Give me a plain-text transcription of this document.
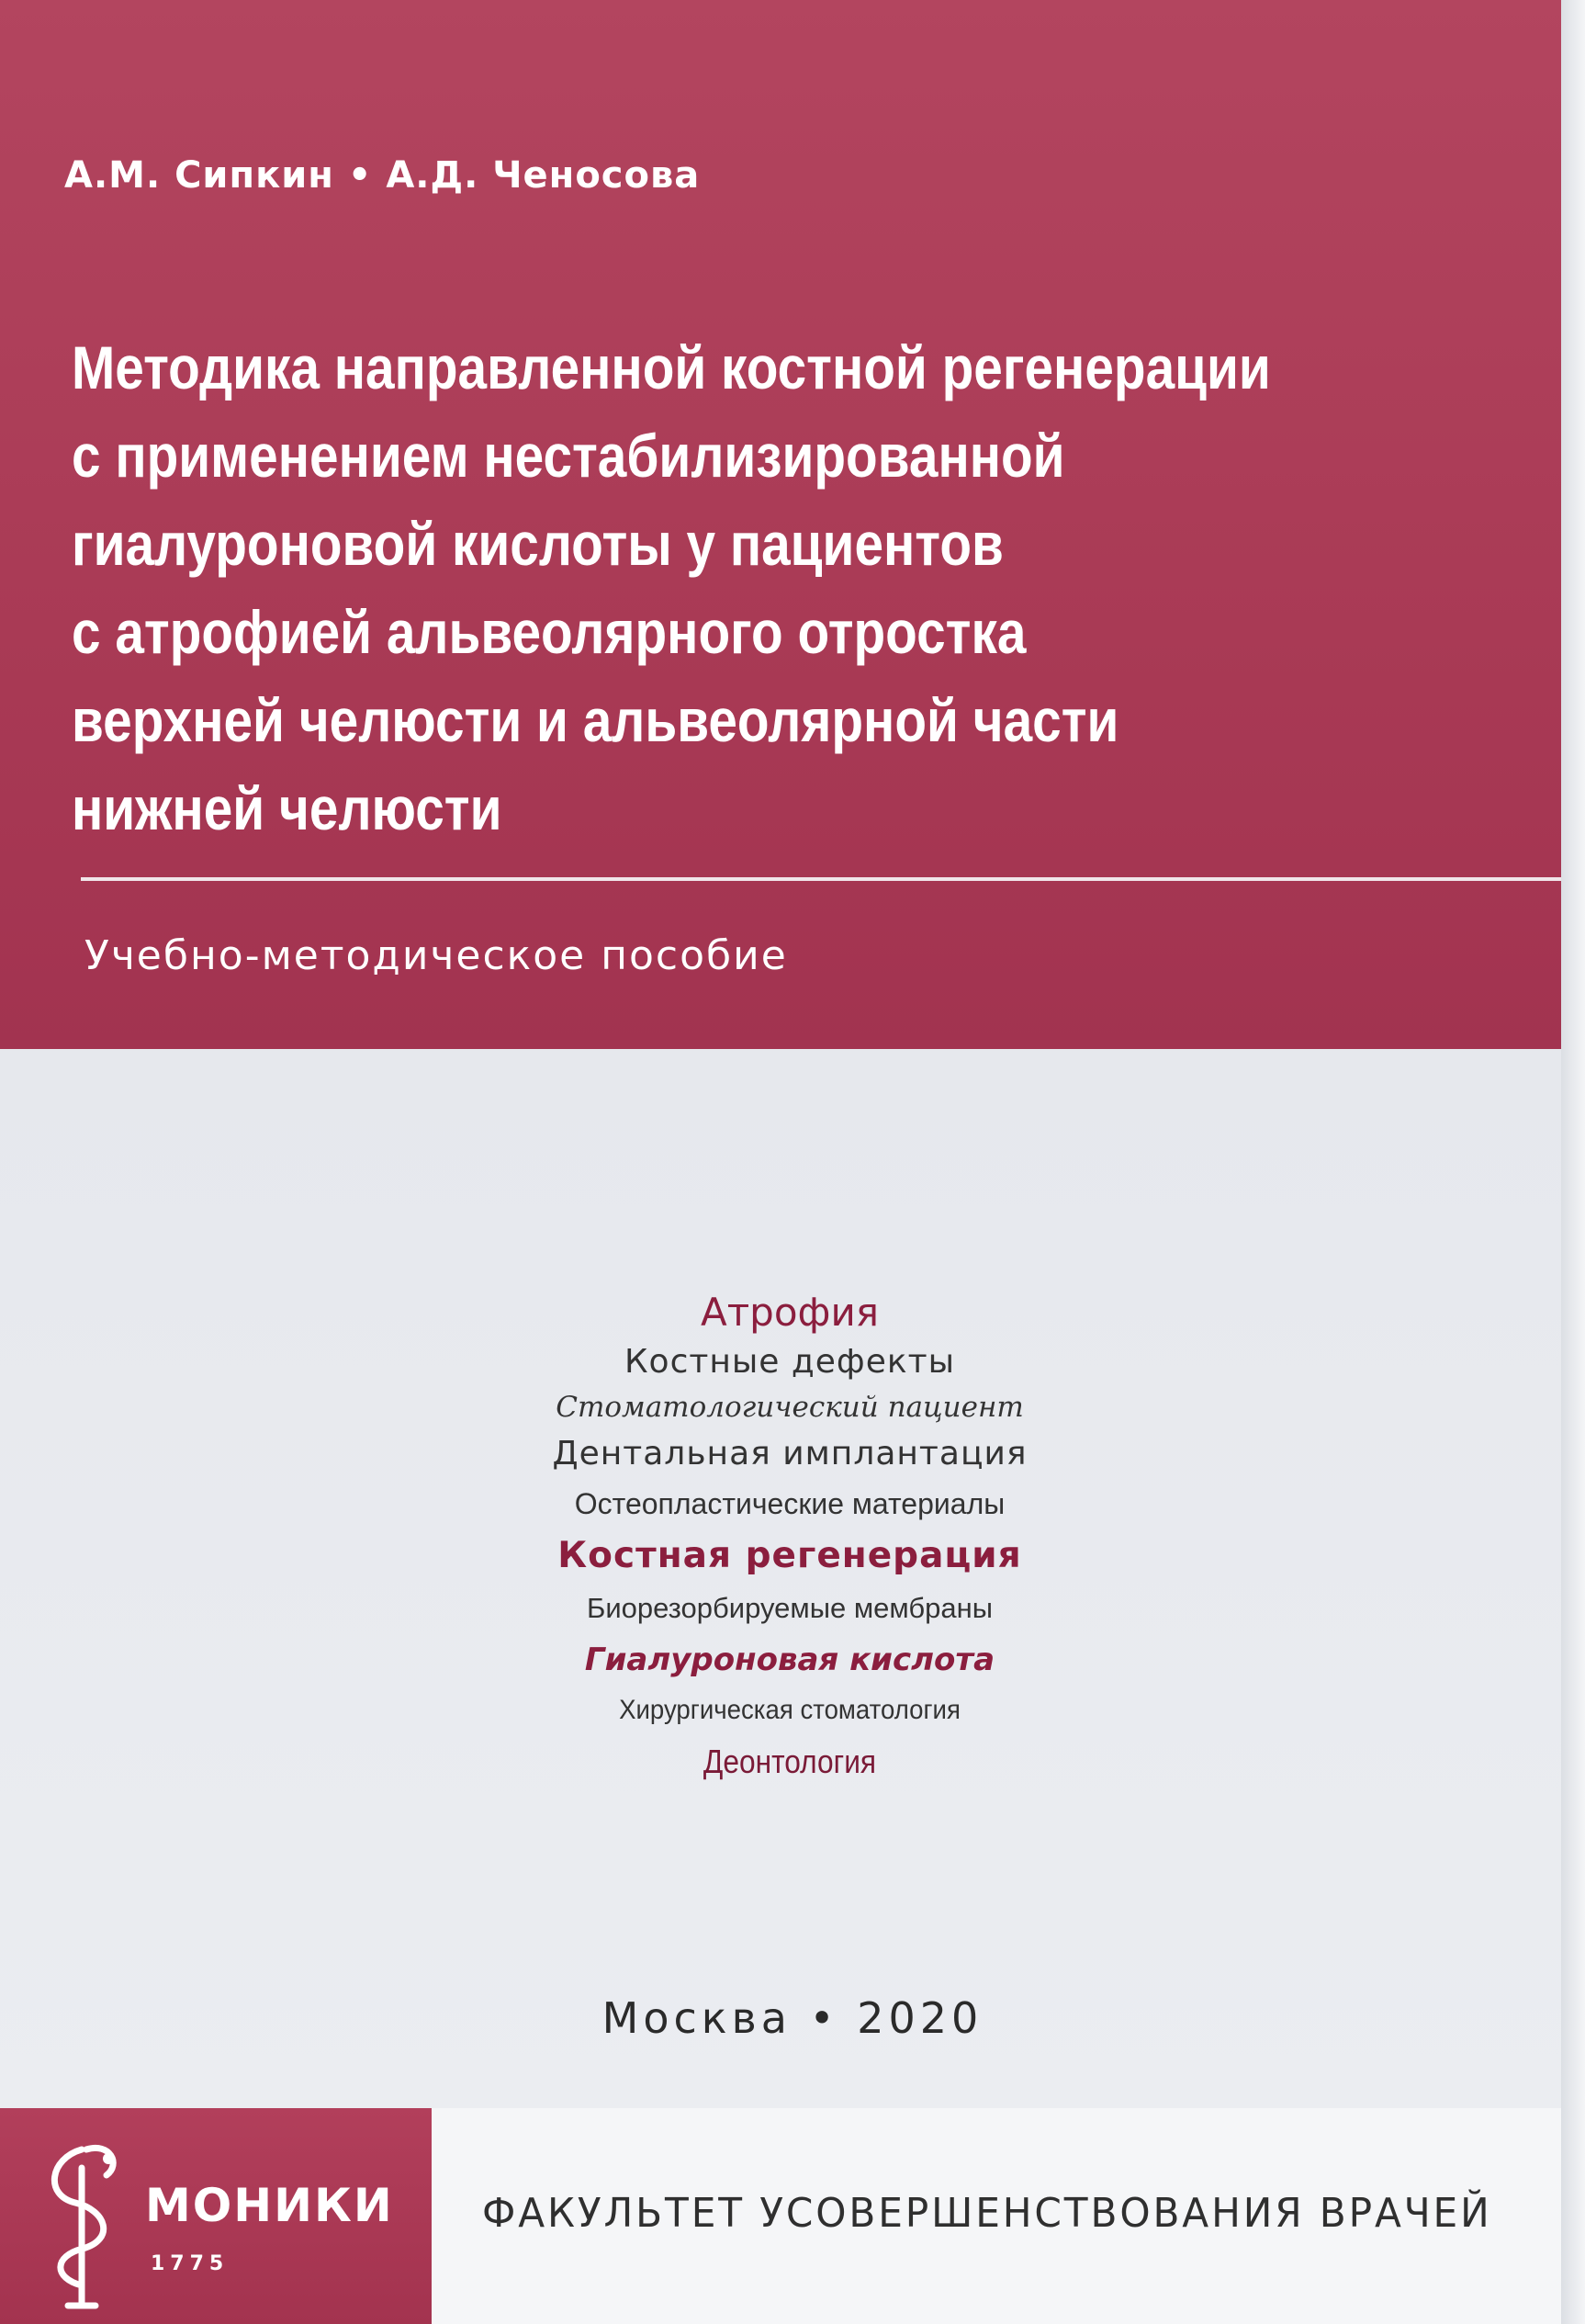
А.М. Сипкин • А.Д. Ченосова
Методика направленной костной регенерации
с применением нестабилизированной
гиалуроновой кислоты у пациентов
с атрофией альвеолярного отростка
верхней челюсти и альвеолярной части
нижней челюсти
Учебно-методическое пособие
Атрофия
Костные дефекты
Стоматологический пациент
Дентальная имплантация
Остеопластические материалы
Костная регенерация
Биорезорбируемые мембраны
Гиалуроновая кислота
Хирургическая стоматология
Деонтология
Москва • 2020
МОНИКИ
1775
ФАКУЛЬТЕТ УСОВЕРШЕНСТВОВАНИЯ ВРАЧЕЙ
